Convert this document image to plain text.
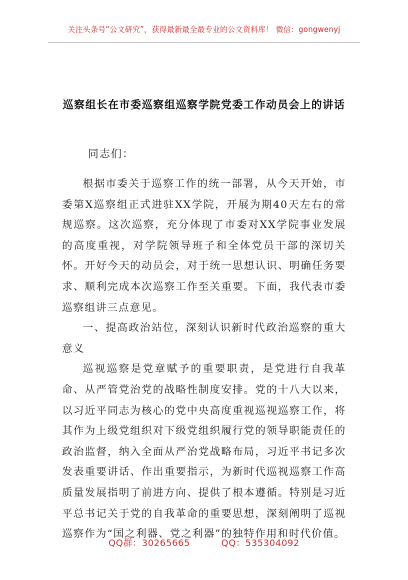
关注头条号“公文研究”，获得最新最全最专业的公文资料库！ 微信：gongwenyj
巡察组长在市委巡察组巡察学院党委工作动员会上的讲话
同志们：

根据市委关于巡察工作的统一部署，从今天开始，市委第X巡察组正式进驻XX学院，开展为期40天左右的常规巡察。这次巡察，充分体现了市委对XX学院事业发展的高度重视，对学院领导班子和全体党员干部的深切关怀。开好今天的动员会，对于统一思想认识、明确任务要求、顺利完成本次巡察工作至关重要。下面，我代表市委巡察组讲三点意见。

一、提高政治站位，深刻认识新时代政治巡察的重大意义

巡视巡察是党章赋予的重要职责，是党进行自我革命、从严管党治党的战略性制度安排。党的十八大以来，以习近平同志为核心的党中央高度重视巡视巡察工作，将其作为上级党组织对下级党组织履行党的领导职能责任的政治监督，纳入全面从严治党战略布局，习近平书记多次发表重要讲话、作出重要指示，为新时代巡视巡察工作高质量发展指明了前进方向、提供了根本遵循。特别是习近平总书记关于党的自我革命的重要思想，深刻阐明了巡视巡察作为“国之利器、党之利器”的独特作用和时代价值。

QQ群：30265665	QQ：535304092
